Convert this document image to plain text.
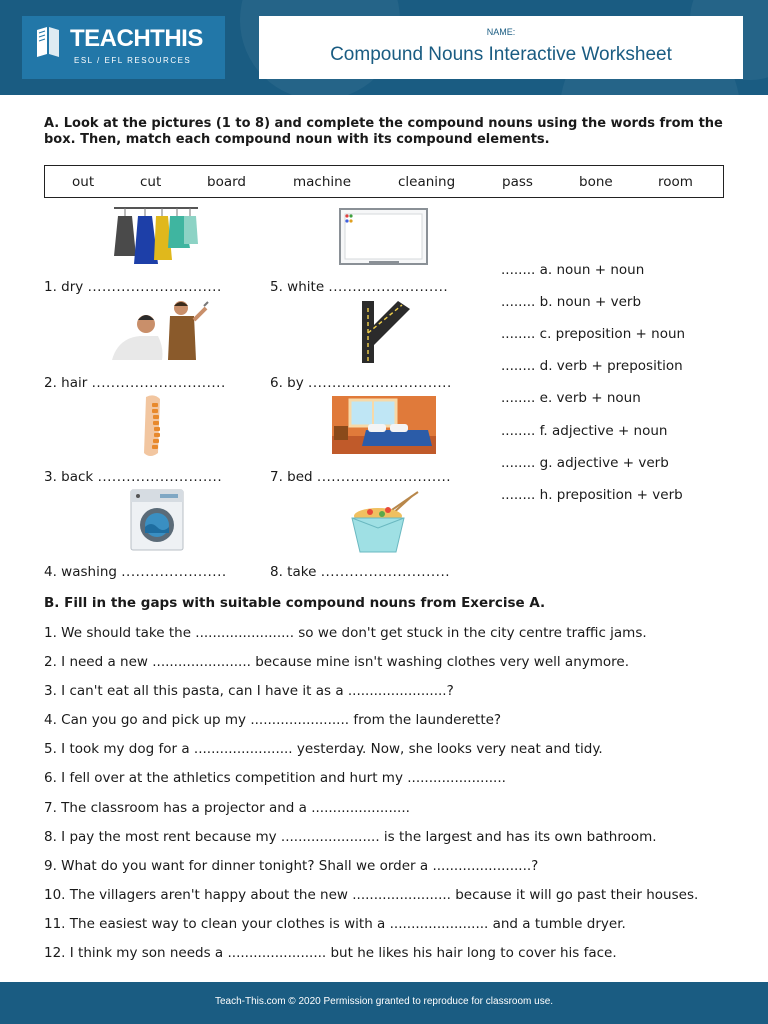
TEACHTHIS
ESL / EFL RESOURCES
NAME:
Compound Nouns Interactive Worksheet
A. Look at the pictures (1 to 8) and complete the compound nouns using the words from the box. Then, match each compound noun with its compound elements.
out	cut	board	machine	cleaning	pass	bone	room
1. dry ............................
2. hair ............................
3. back ..........................
4. washing ......................
5. white .........................
6. by ..............................
7. bed ............................
8. take ...........................
........ a. noun + noun
........ b. noun + verb
........ c. preposition + noun
........ d. verb + preposition
........ e. verb + noun
........ f. adjective + noun
........ g. adjective + verb
........ h. preposition + verb
B. Fill in the gaps with suitable compound nouns from Exercise A.
1. We should take the ....................... so we don't get stuck in the city centre traffic jams.
2. I need a new ....................... because mine isn't washing clothes very well anymore.
3. I can't eat all this pasta, can I have it as a .......................?
4. Can you go and pick up my ....................... from the launderette?
5. I took my dog for a ....................... yesterday. Now, she looks very neat and tidy.
6. I fell over at the athletics competition and hurt my .......................
7. The classroom has a projector and a .......................
8. I pay the most rent because my ....................... is the largest and has its own bathroom.
9. What do you want for dinner tonight? Shall we order a .......................?
10. The villagers aren't happy about the new ....................... because it will go past their houses.
11. The easiest way to clean your clothes is with a ....................... and a tumble dryer.
12. I think my son needs a ....................... but he likes his hair long to cover his face.
Teach-This.com © 2020 Permission granted to reproduce for classroom use.
